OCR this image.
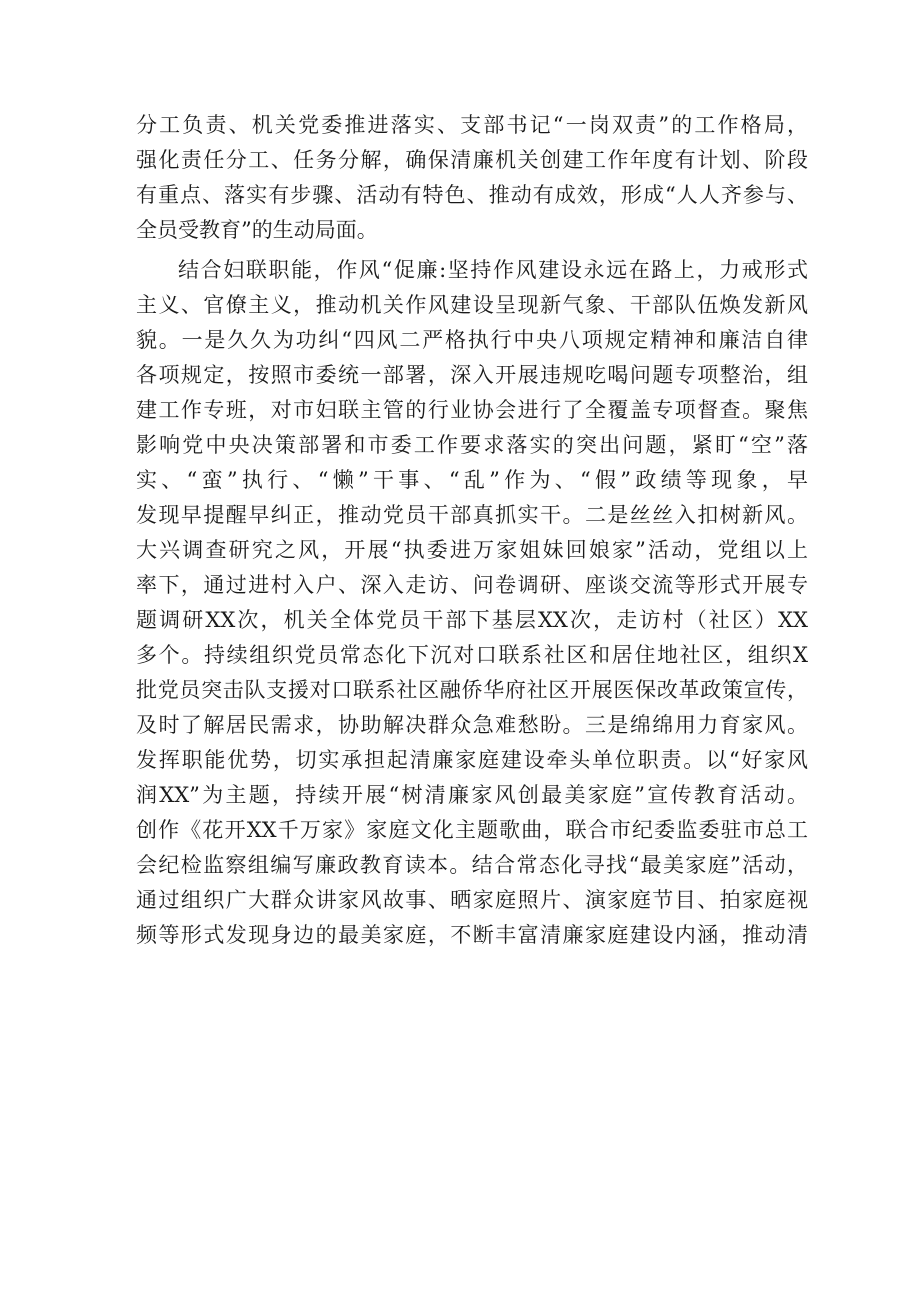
分工负责、机关党委推进落实、支部书记“一岗双责”的工作格局，
强化责任分工、任务分解，确保清廉机关创建工作年度有计划、阶段
有重点、落实有步骤、活动有特色、推动有成效，形成“人人齐参与、
全员受教育”的生动局面。
结合妇联职能，作风“促廉:坚持作风建设永远在路上，力戒形式
主义、官僚主义，推动机关作风建设呈现新气象、干部队伍焕发新风
貌。一是久久为功纠“四风二严格执行中央八项规定精神和廉洁自律
各项规定，按照市委统一部署，深入开展违规吃喝问题专项整治，组
建工作专班，对市妇联主管的行业协会进行了全覆盖专项督查。聚焦
影响党中央决策部署和市委工作要求落实的突出问题，紧盯“空”落
实、“蛮”执行、“懒”干事、“乱”作为、“假”政绩等现象，早
发现早提醒早纠正，推动党员干部真抓实干。二是丝丝入扣树新风。
大兴调查研究之风，开展“执委进万家姐妹回娘家”活动，党组以上
率下，通过进村入户、深入走访、问卷调研、座谈交流等形式开展专
题调研XX次，机关全体党员干部下基层XX次，走访村（社区）XX
多个。持续组织党员常态化下沉对口联系社区和居住地社区，组织X
批党员突击队支援对口联系社区融侨华府社区开展医保改革政策宣传，
及时了解居民需求，协助解决群众急难愁盼。三是绵绵用力育家风。
发挥职能优势，切实承担起清廉家庭建设牵头单位职责。以“好家风
润XX”为主题，持续开展“树清廉家风创最美家庭”宣传教育活动。
创作《花开XX千万家》家庭文化主题歌曲，联合市纪委监委驻市总工
会纪检监察组编写廉政教育读本。结合常态化寻找“最美家庭”活动，
通过组织广大群众讲家风故事、晒家庭照片、演家庭节目、拍家庭视
频等形式发现身边的最美家庭，不断丰富清廉家庭建设内涵，推动清
